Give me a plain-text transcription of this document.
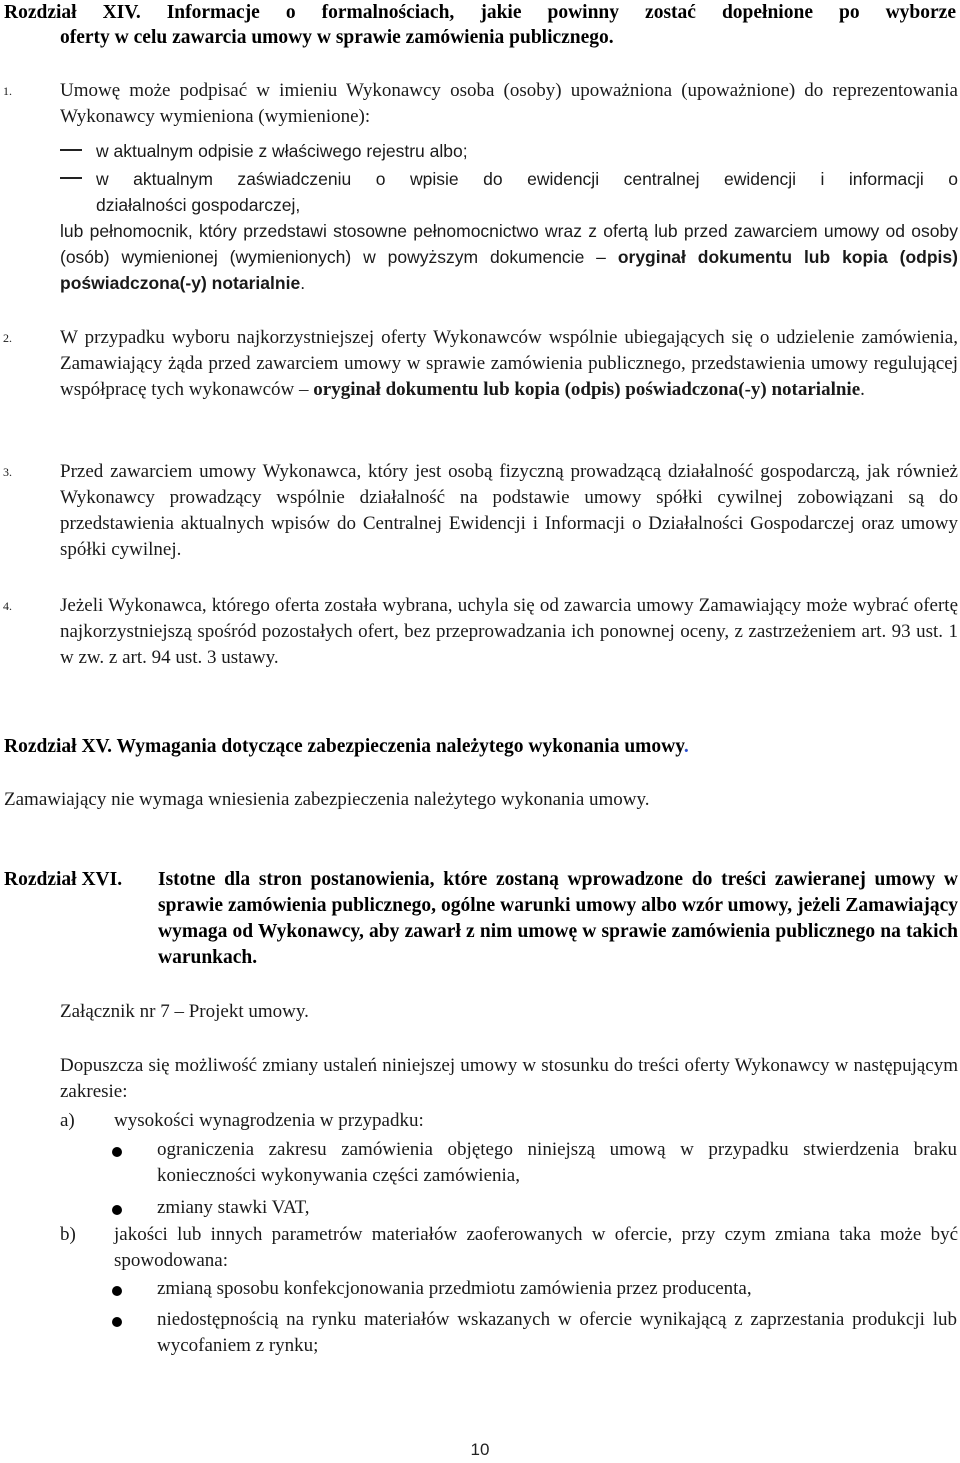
Rozdział XIV. Informacje o formalnościach, jakie powinny zostać dopełnione po wyborze
oferty w celu zawarcia umowy w sprawie zamówienia publicznego.
1.	Umowę może podpisać w imieniu Wykonawcy osoba (osoby) upoważniona (upoważnione) do reprezentowania Wykonawcy wymieniona (wymienione):
w aktualnym odpisie z właściwego rejestru albo;
w aktualnym zaświadczeniu o wpisie do ewidencji centralnej ewidencji i informacji o
działalności gospodarczej,
lub pełnomocnik, który przedstawi stosowne pełnomocnictwo wraz z ofertą lub przed zawarciem umowy od osoby (osób) wymienionej (wymienionych) w powyższym dokumencie – oryginał dokumentu lub kopia (odpis) poświadczona(-y) notarialnie.
2.	W przypadku wyboru najkorzystniejszej oferty Wykonawców wspólnie ubiegających się o udzielenie zamówienia, Zamawiający żąda przed zawarciem umowy w sprawie zamówienia publicznego, przedstawienia umowy regulującej współpracę tych wykonawców – oryginał dokumentu lub kopia (odpis) poświadczona(-y) notarialnie.
3.	Przed zawarciem umowy Wykonawca, który jest osobą fizyczną prowadzącą działalność gospodarczą, jak również Wykonawcy prowadzący wspólnie działalność na podstawie umowy spółki cywilnej zobowiązani są do przedstawienia aktualnych wpisów do Centralnej Ewidencji i Informacji o Działalności Gospodarczej oraz umowy spółki cywilnej.
4.	Jeżeli Wykonawca, którego oferta została wybrana, uchyla się od zawarcia umowy Zamawiający może wybrać ofertę najkorzystniejszą spośród pozostałych ofert, bez przeprowadzania ich ponownej oceny, z zastrzeżeniem art. 93 ust. 1 w zw. z art. 94 ust. 3 ustawy.
Rozdział XV. Wymagania dotyczące zabezpieczenia należytego wykonania umowy.
Zamawiający nie wymaga wniesienia zabezpieczenia należytego wykonania umowy.
Rozdział XVI. Istotne dla stron postanowienia, które zostaną wprowadzone do treści zawieranej umowy w sprawie zamówienia publicznego, ogólne warunki umowy albo wzór umowy, jeżeli Zamawiający wymaga od Wykonawcy, aby zawarł z nim umowę w sprawie zamówienia publicznego na takich warunkach.
Załącznik nr 7 – Projekt umowy.
Dopuszcza się możliwość zmiany ustaleń niniejszej umowy w stosunku do treści oferty Wykonawcy w następującym zakresie:
a) wysokości wynagrodzenia w przypadku:
ograniczenia zakresu zamówienia objętego niniejszą umową w przypadku stwierdzenia braku konieczności wykonywania części zamówienia,
zmiany stawki VAT,
b) jakości lub innych parametrów materiałów zaoferowanych w ofercie, przy czym zmiana taka może być spowodowana:
zmianą sposobu konfekcjonowania przedmiotu zamówienia przez producenta,
niedostępnością na rynku materiałów wskazanych w ofercie wynikającą z zaprzestania produkcji lub wycofaniem z rynku;
10
